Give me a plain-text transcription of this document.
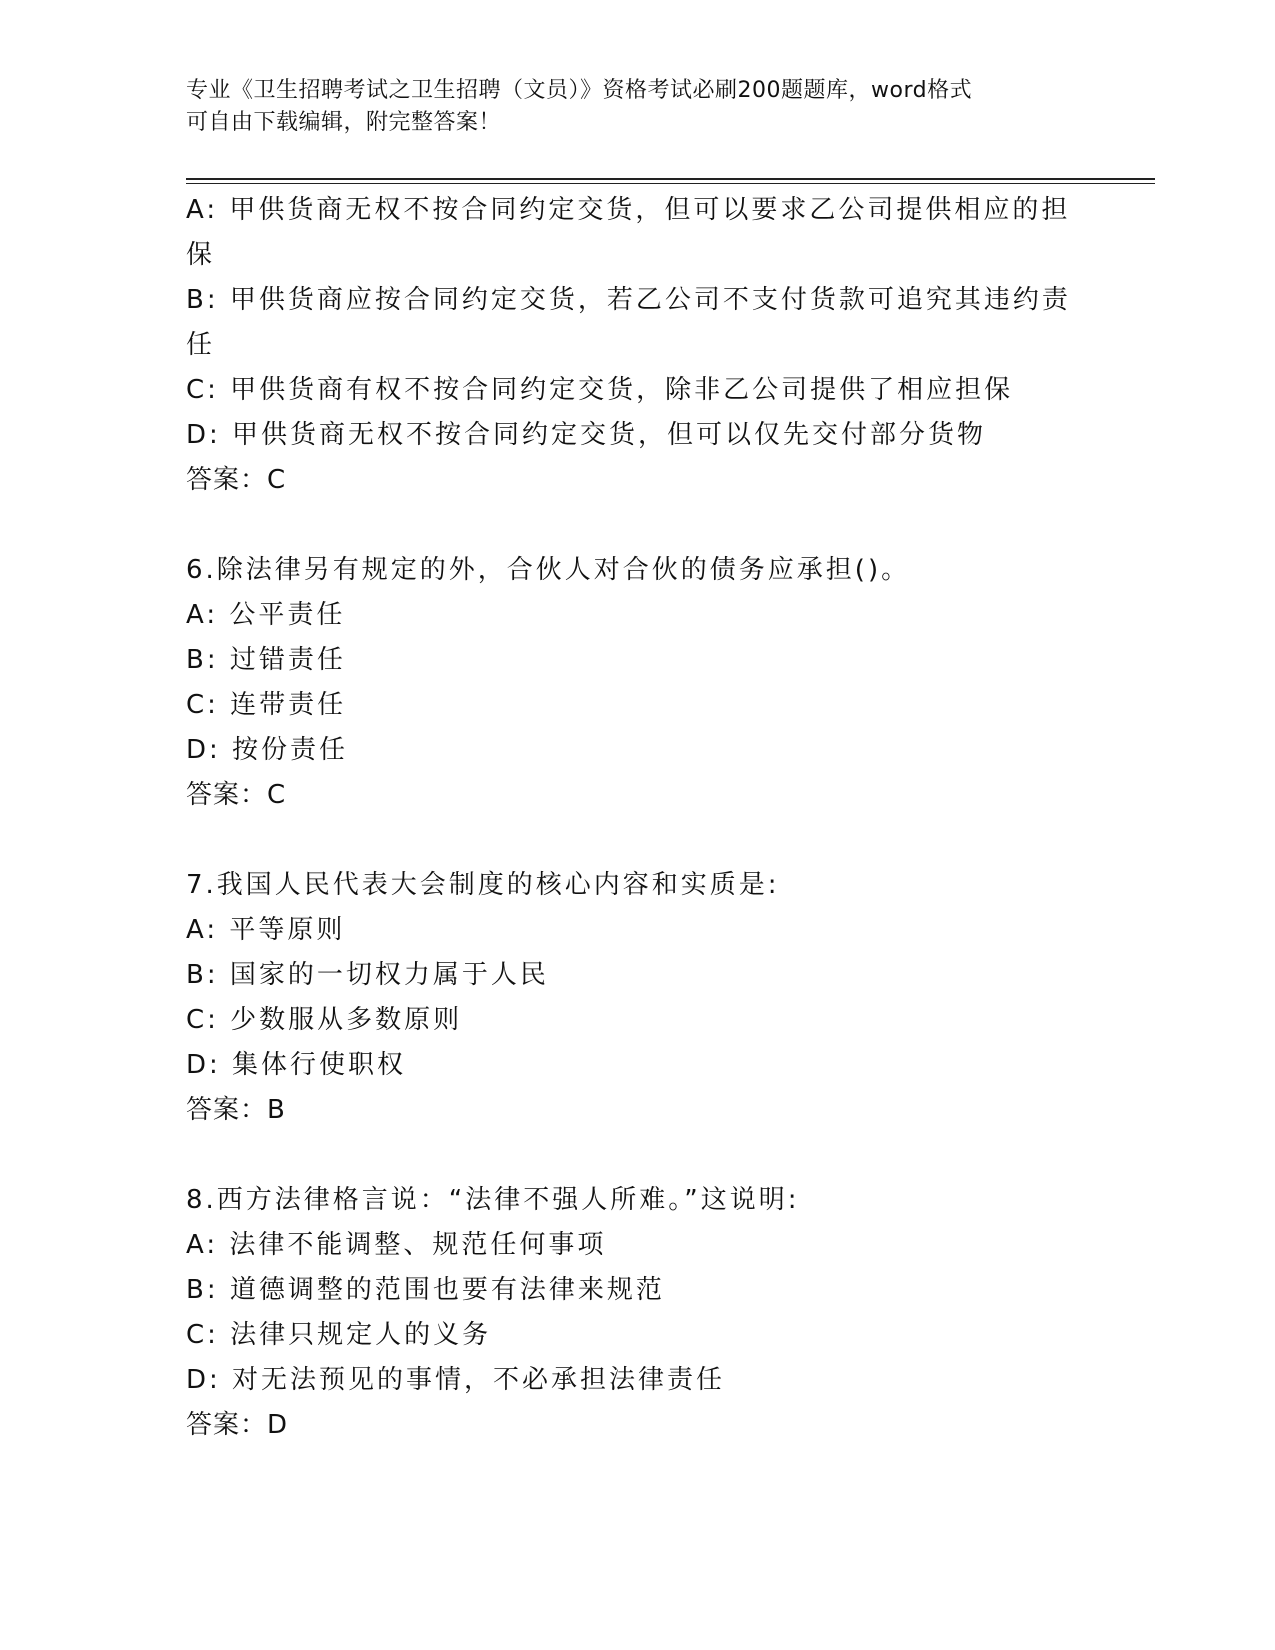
专业《卫生招聘考试之卫生招聘（文员）》资格考试必刷200题题库，word格式
可自由下载编辑，附完整答案！
A: 甲供货商无权不按合同约定交货，但可以要求乙公司提供相应的担
保
B: 甲供货商应按合同约定交货，若乙公司不支付货款可追究其违约责
任
C: 甲供货商有权不按合同约定交货，除非乙公司提供了相应担保
D: 甲供货商无权不按合同约定交货，但可以仅先交付部分货物
答案：C
6.除法律另有规定的外，合伙人对合伙的债务应承担()。
A: 公平责任
B: 过错责任
C: 连带责任
D: 按份责任
答案：C
7.我国人民代表大会制度的核心内容和实质是:
A: 平等原则
B: 国家的一切权力属于人民
C: 少数服从多数原则
D: 集体行使职权
答案：B
8.西方法律格言说：“法律不强人所难。”这说明:
A: 法律不能调整、规范任何事项
B: 道德调整的范围也要有法律来规范
C: 法律只规定人的义务
D: 对无法预见的事情，不必承担法律责任
答案：D
